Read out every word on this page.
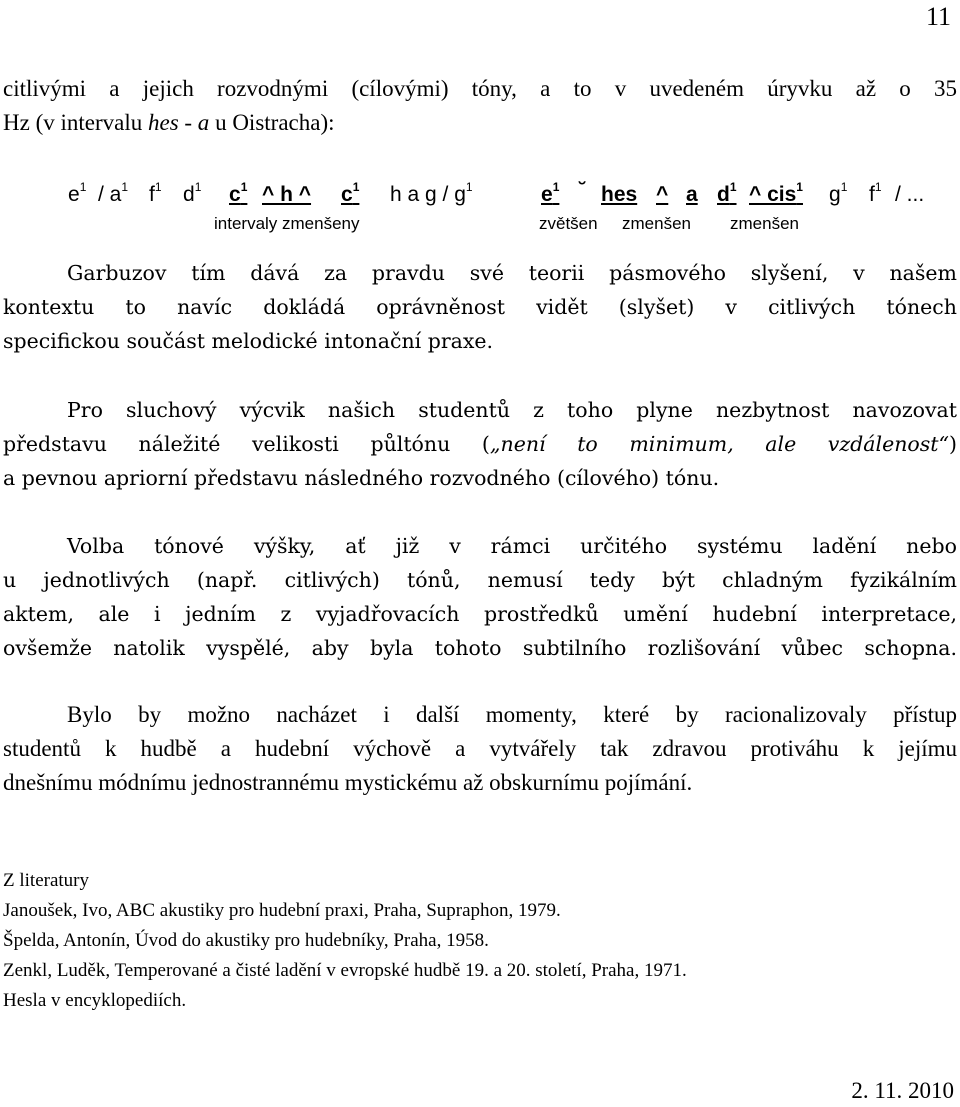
11
citlivými a jejich rozvodnými (cílovými) tóny, a to v uvedeném úryvku až o 35
Hz (v intervalu hes - a u Oistracha):
$e^1 / a^1$ $f^1$ $d^1$ $c^1$ ^ h ^ $c^1$ h a g / $g^1$	$e^1$ ˘ hes ^ a $d^1$ ^ cis$^1$ $g^1$ $f^1$ / ...
intervaly zmenšeny	zvětšen zmenšen zmenšen
Garbuzov tím dává za pravdu své teorii pásmového slyšení, v našem
kontextu to navíc dokládá oprávněnost vidět (slyšet) v citlivých tónech
specifickou součást melodické intonační praxe.
Pro sluchový výcvik našich studentů z toho plyne nezbytnost navozovat
představu náležité velikosti půltónu („není to minimum, ale vzdálenost“)
a pevnou apriorní představu následného rozvodného (cílového) tónu.
Volba tónové výšky, ať již v rámci určitého systému ladění nebo
u jednotlivých (např. citlivých) tónů, nemusí tedy být chladným fyzikálním
aktem, ale i jedním z vyjadřovacích prostředků umění hudební interpretace,
ovšemže natolik vyspělé, aby byla tohoto subtilního rozlišování vůbec schopna.
Bylo by možno nacházet i další momenty, které by racionalizovaly přístup
studentů k hudbě a hudební výchově a vytvářely tak zdravou protiváhu k jejímu
dnešnímu módnímu jednostrannému mystickému až obskurnímu pojímání.
Z literatury
Janoušek, Ivo, ABC akustiky pro hudební praxi, Praha, Supraphon, 1979.
Špelda, Antonín, Úvod do akustiky pro hudebníky, Praha, 1958.
Zenkl, Luděk, Temperované a čisté ladění v evropské hudbě 19. a 20. století, Praha, 1971.
Hesla v encyklopediích.
2. 11. 2010
